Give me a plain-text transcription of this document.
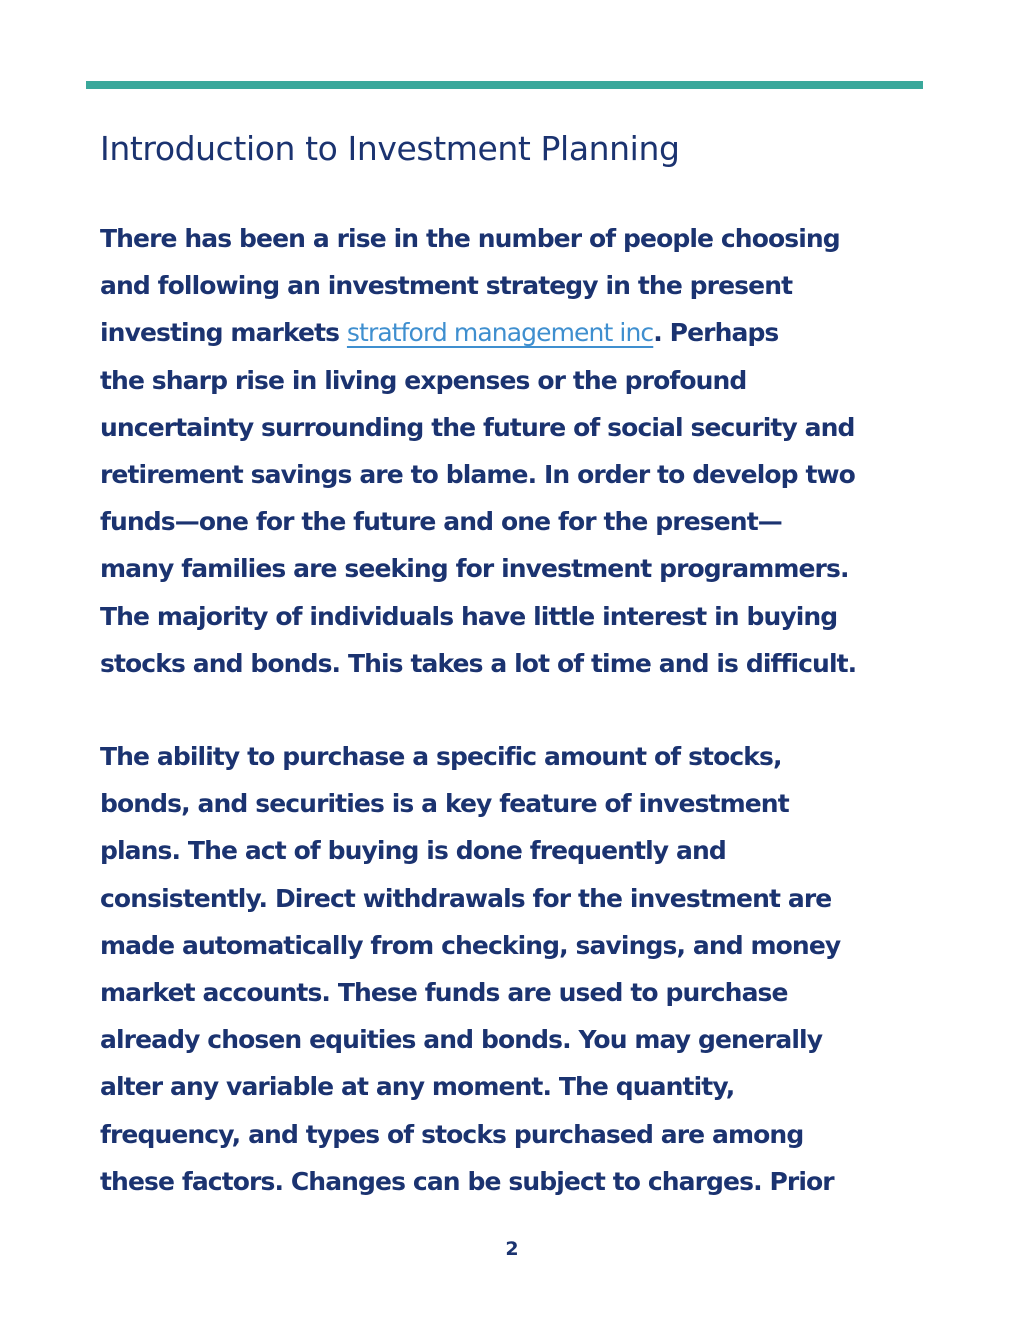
Introduction to Investment Planning
There has been a rise in the number of people choosing
and following an investment strategy in the present
investing markets stratford management inc. Perhaps
the sharp rise in living expenses or the profound
uncertainty surrounding the future of social security and
retirement savings are to blame. In order to develop two
funds—one for the future and one for the present—
many families are seeking for investment programmers.
The majority of individuals have little interest in buying
stocks and bonds. This takes a lot of time and is difficult.
The ability to purchase a specific amount of stocks,
bonds, and securities is a key feature of investment
plans. The act of buying is done frequently and
consistently. Direct withdrawals for the investment are
made automatically from checking, savings, and money
market accounts. These funds are used to purchase
already chosen equities and bonds. You may generally
alter any variable at any moment. The quantity,
frequency, and types of stocks purchased are among
these factors. Changes can be subject to charges. Prior
2
